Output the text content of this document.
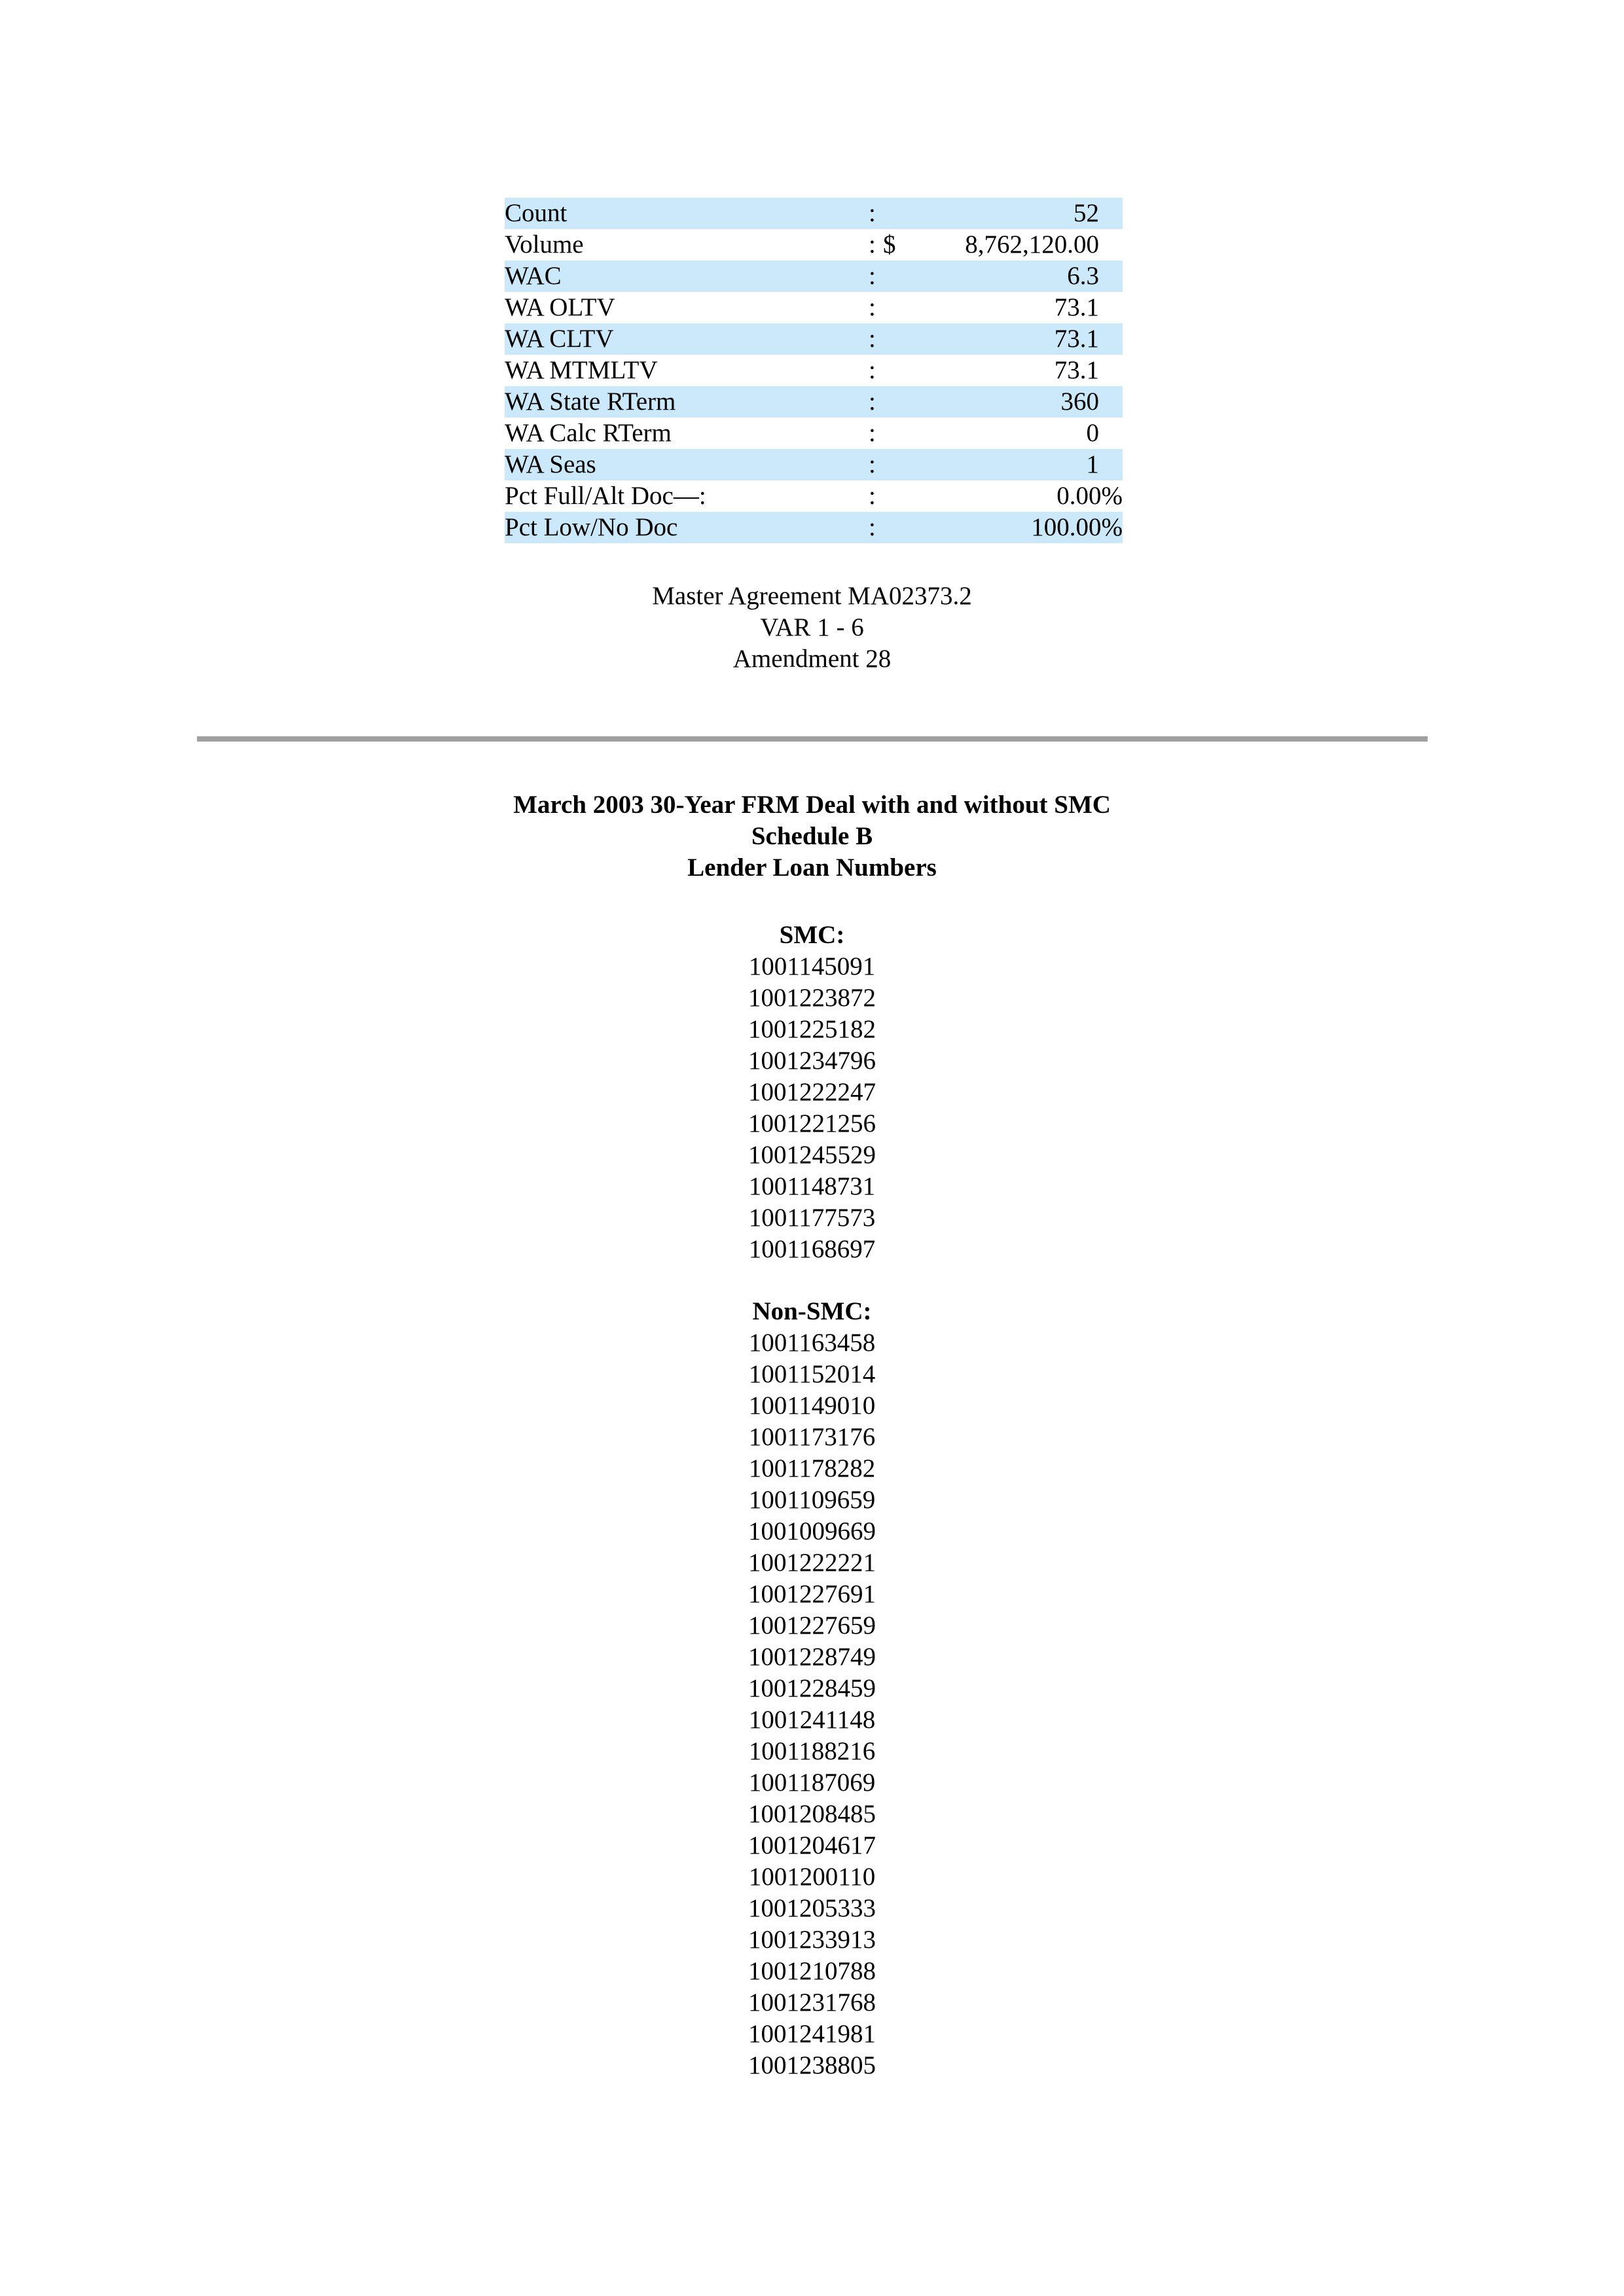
Count	:		52
Volume	:	$	8,762,120.00
WAC	:		6.3
WA OLTV	:		73.1
WA CLTV	:		73.1
WA MTMLTV	:		73.1
WA State RTerm	:		360
WA Calc RTerm	:		0
WA Seas	:		1
Pct Full/Alt Doc—:	:		0.00%
Pct Low/No Doc	:		100.00%
Master Agreement MA02373.2
VAR 1 - 6
Amendment 28
March 2003 30-Year FRM Deal with and without SMC
Schedule B
Lender Loan Numbers
SMC:
1001145091
1001223872
1001225182
1001234796
1001222247
1001221256
1001245529
1001148731
1001177573
1001168697
Non-SMC:
1001163458
1001152014
1001149010
1001173176
1001178282
1001109659
1001009669
1001222221
1001227691
1001227659
1001228749
1001228459
1001241148
1001188216
1001187069
1001208485
1001204617
1001200110
1001205333
1001233913
1001210788
1001231768
1001241981
1001238805
